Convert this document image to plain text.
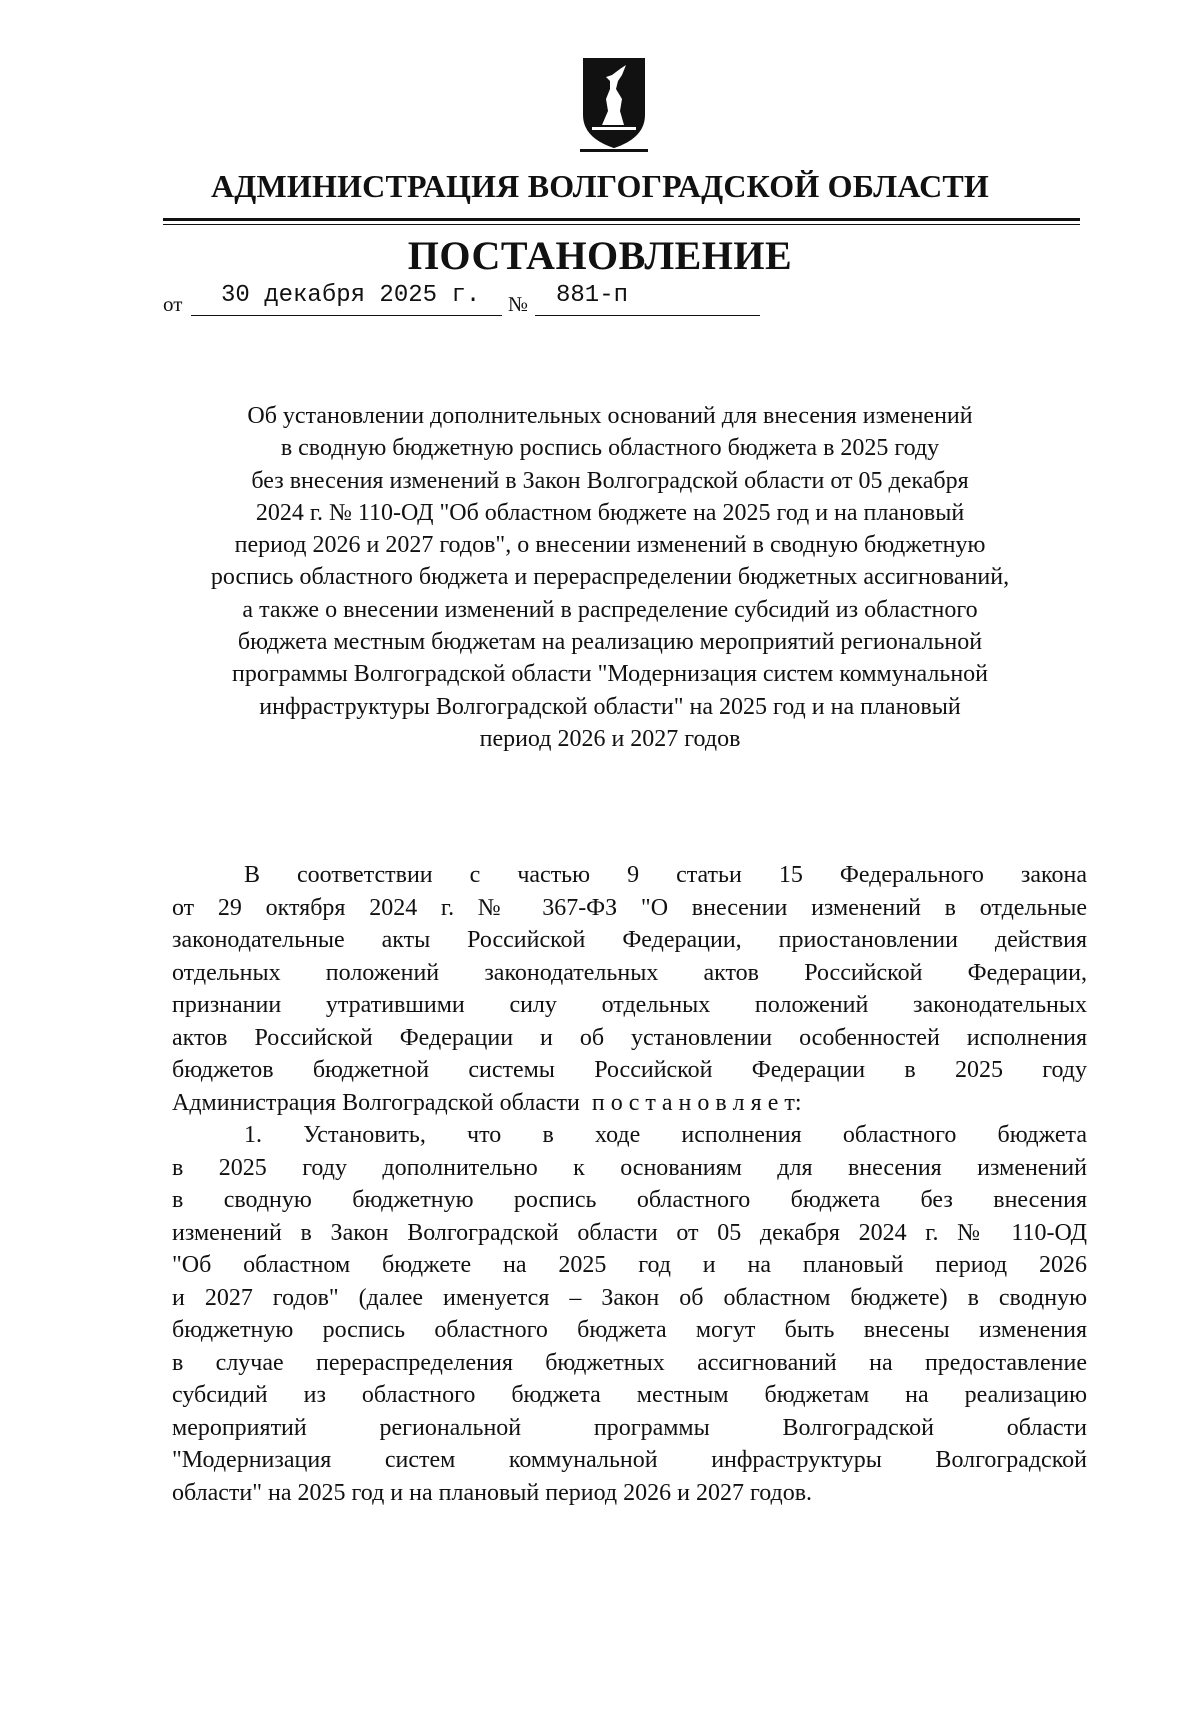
АДМИНИСТРАЦИЯ ВОЛГОГРАДСКОЙ ОБЛАСТИ
ПОСТАНОВЛЕНИЕ
от 30 декабря 2025 г. № 881-п
Об установлении дополнительных оснований для внесения изменений
в сводную бюджетную роспись областного бюджета в 2025 году
без внесения изменений в Закон Волгоградской области от 05 декабря
2024 г. № 110-ОД "Об областном бюджете на 2025 год и на плановый
период 2026 и 2027 годов", о внесении изменений в сводную бюджетную
роспись областного бюджета и перераспределении бюджетных ассигнований,
а также о внесении изменений в распределение субсидий из областного
бюджета местным бюджетам на реализацию мероприятий региональной
программы Волгоградской области "Модернизация систем коммунальной
инфраструктуры Волгоградской области" на 2025 год и на плановый
период 2026 и 2027 годов
В соответствии с частью 9 статьи 15 Федерального закона
от 29 октября 2024 г. № 367-ФЗ "О внесении изменений в отдельные
законодательные акты Российской Федерации, приостановлении действия
отдельных положений законодательных актов Российской Федерации,
признании утратившими силу отдельных положений законодательных
актов Российской Федерации и об установлении особенностей исполнения
бюджетов бюджетной системы Российской Федерации в 2025 году
Администрация Волгоградской области п о с т а н о в л я е т:
1. Установить, что в ходе исполнения областного бюджета
в 2025 году дополнительно к основаниям для внесения изменений
в сводную бюджетную роспись областного бюджета без внесения
изменений в Закон Волгоградской области от 05 декабря 2024 г. № 110-ОД
"Об областном бюджете на 2025 год и на плановый период 2026
и 2027 годов" (далее именуется – Закон об областном бюджете) в сводную
бюджетную роспись областного бюджета могут быть внесены изменения
в случае перераспределения бюджетных ассигнований на предоставление
субсидий из областного бюджета местным бюджетам на реализацию
мероприятий региональной программы Волгоградской области
"Модернизация систем коммунальной инфраструктуры Волгоградской
области" на 2025 год и на плановый период 2026 и 2027 годов.
